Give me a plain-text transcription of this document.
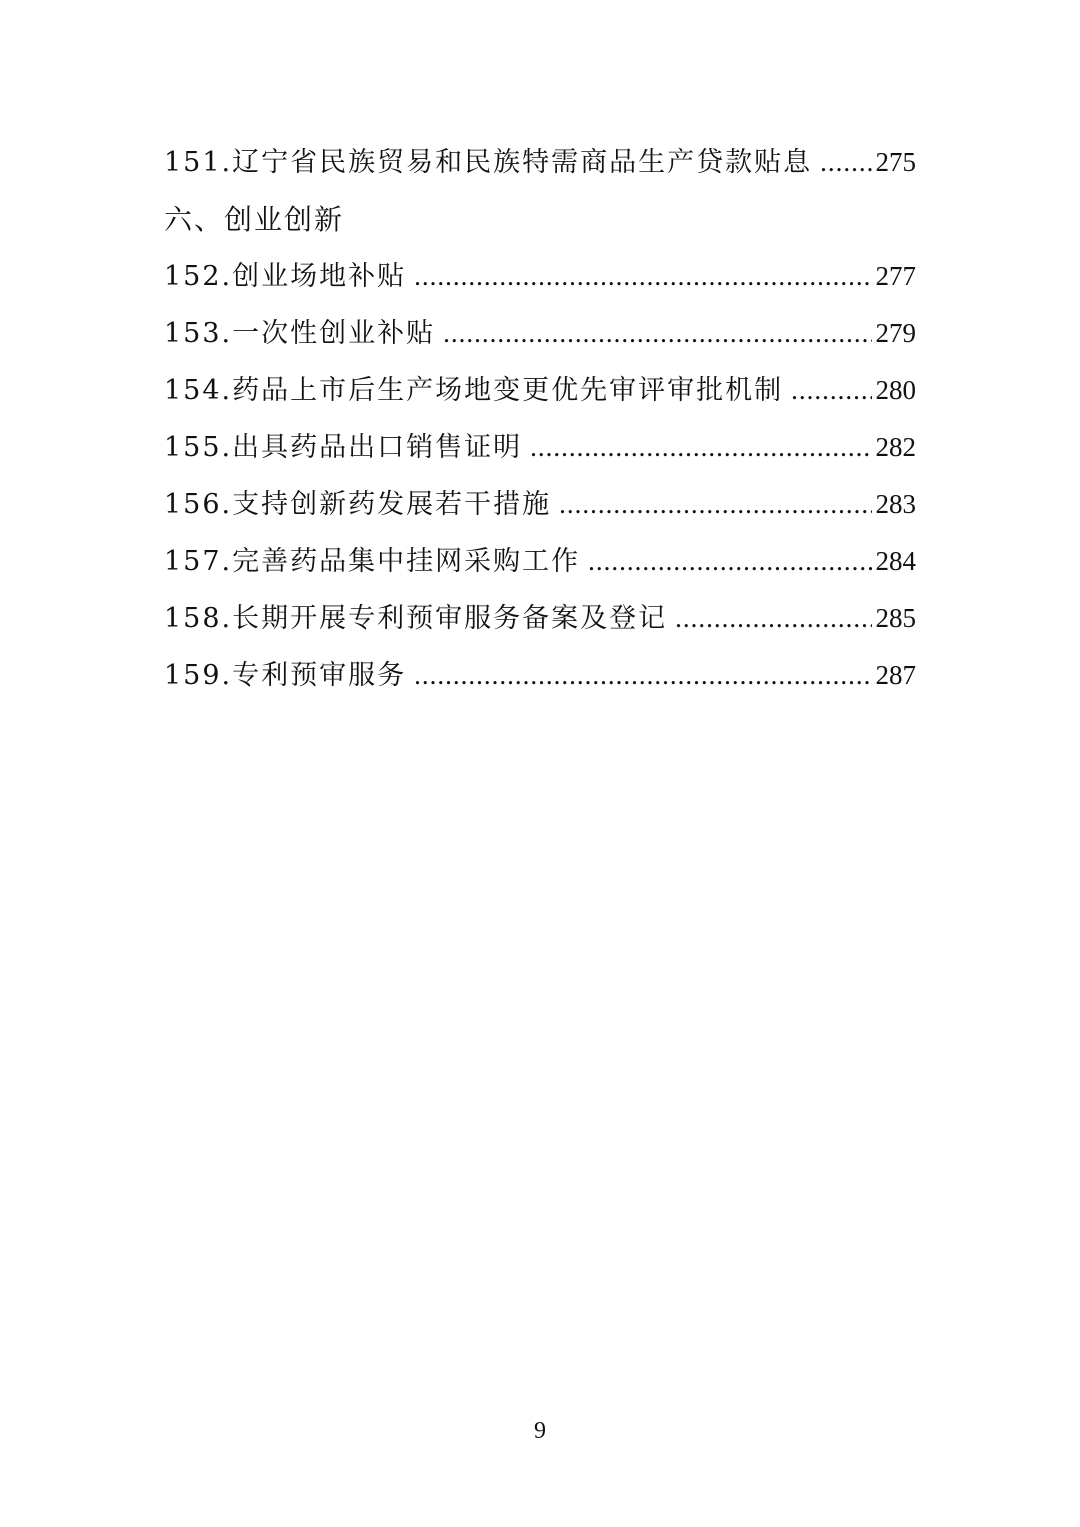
151.辽宁省民族贸易和民族特需商品生产贷款贴息 ..... 275
六、创业创新
152.创业场地补贴 .....	277
153.一次性创业补贴 .....	279
154.药品上市后生产场地变更优先审评审批机制 .....	280
155.出具药品出口销售证明 .....	282
156.支持创新药发展若干措施 .....	283
157.完善药品集中挂网采购工作 .....	284
158.长期开展专利预审服务备案及登记 .....	285
159.专利预审服务 .....	287
9
